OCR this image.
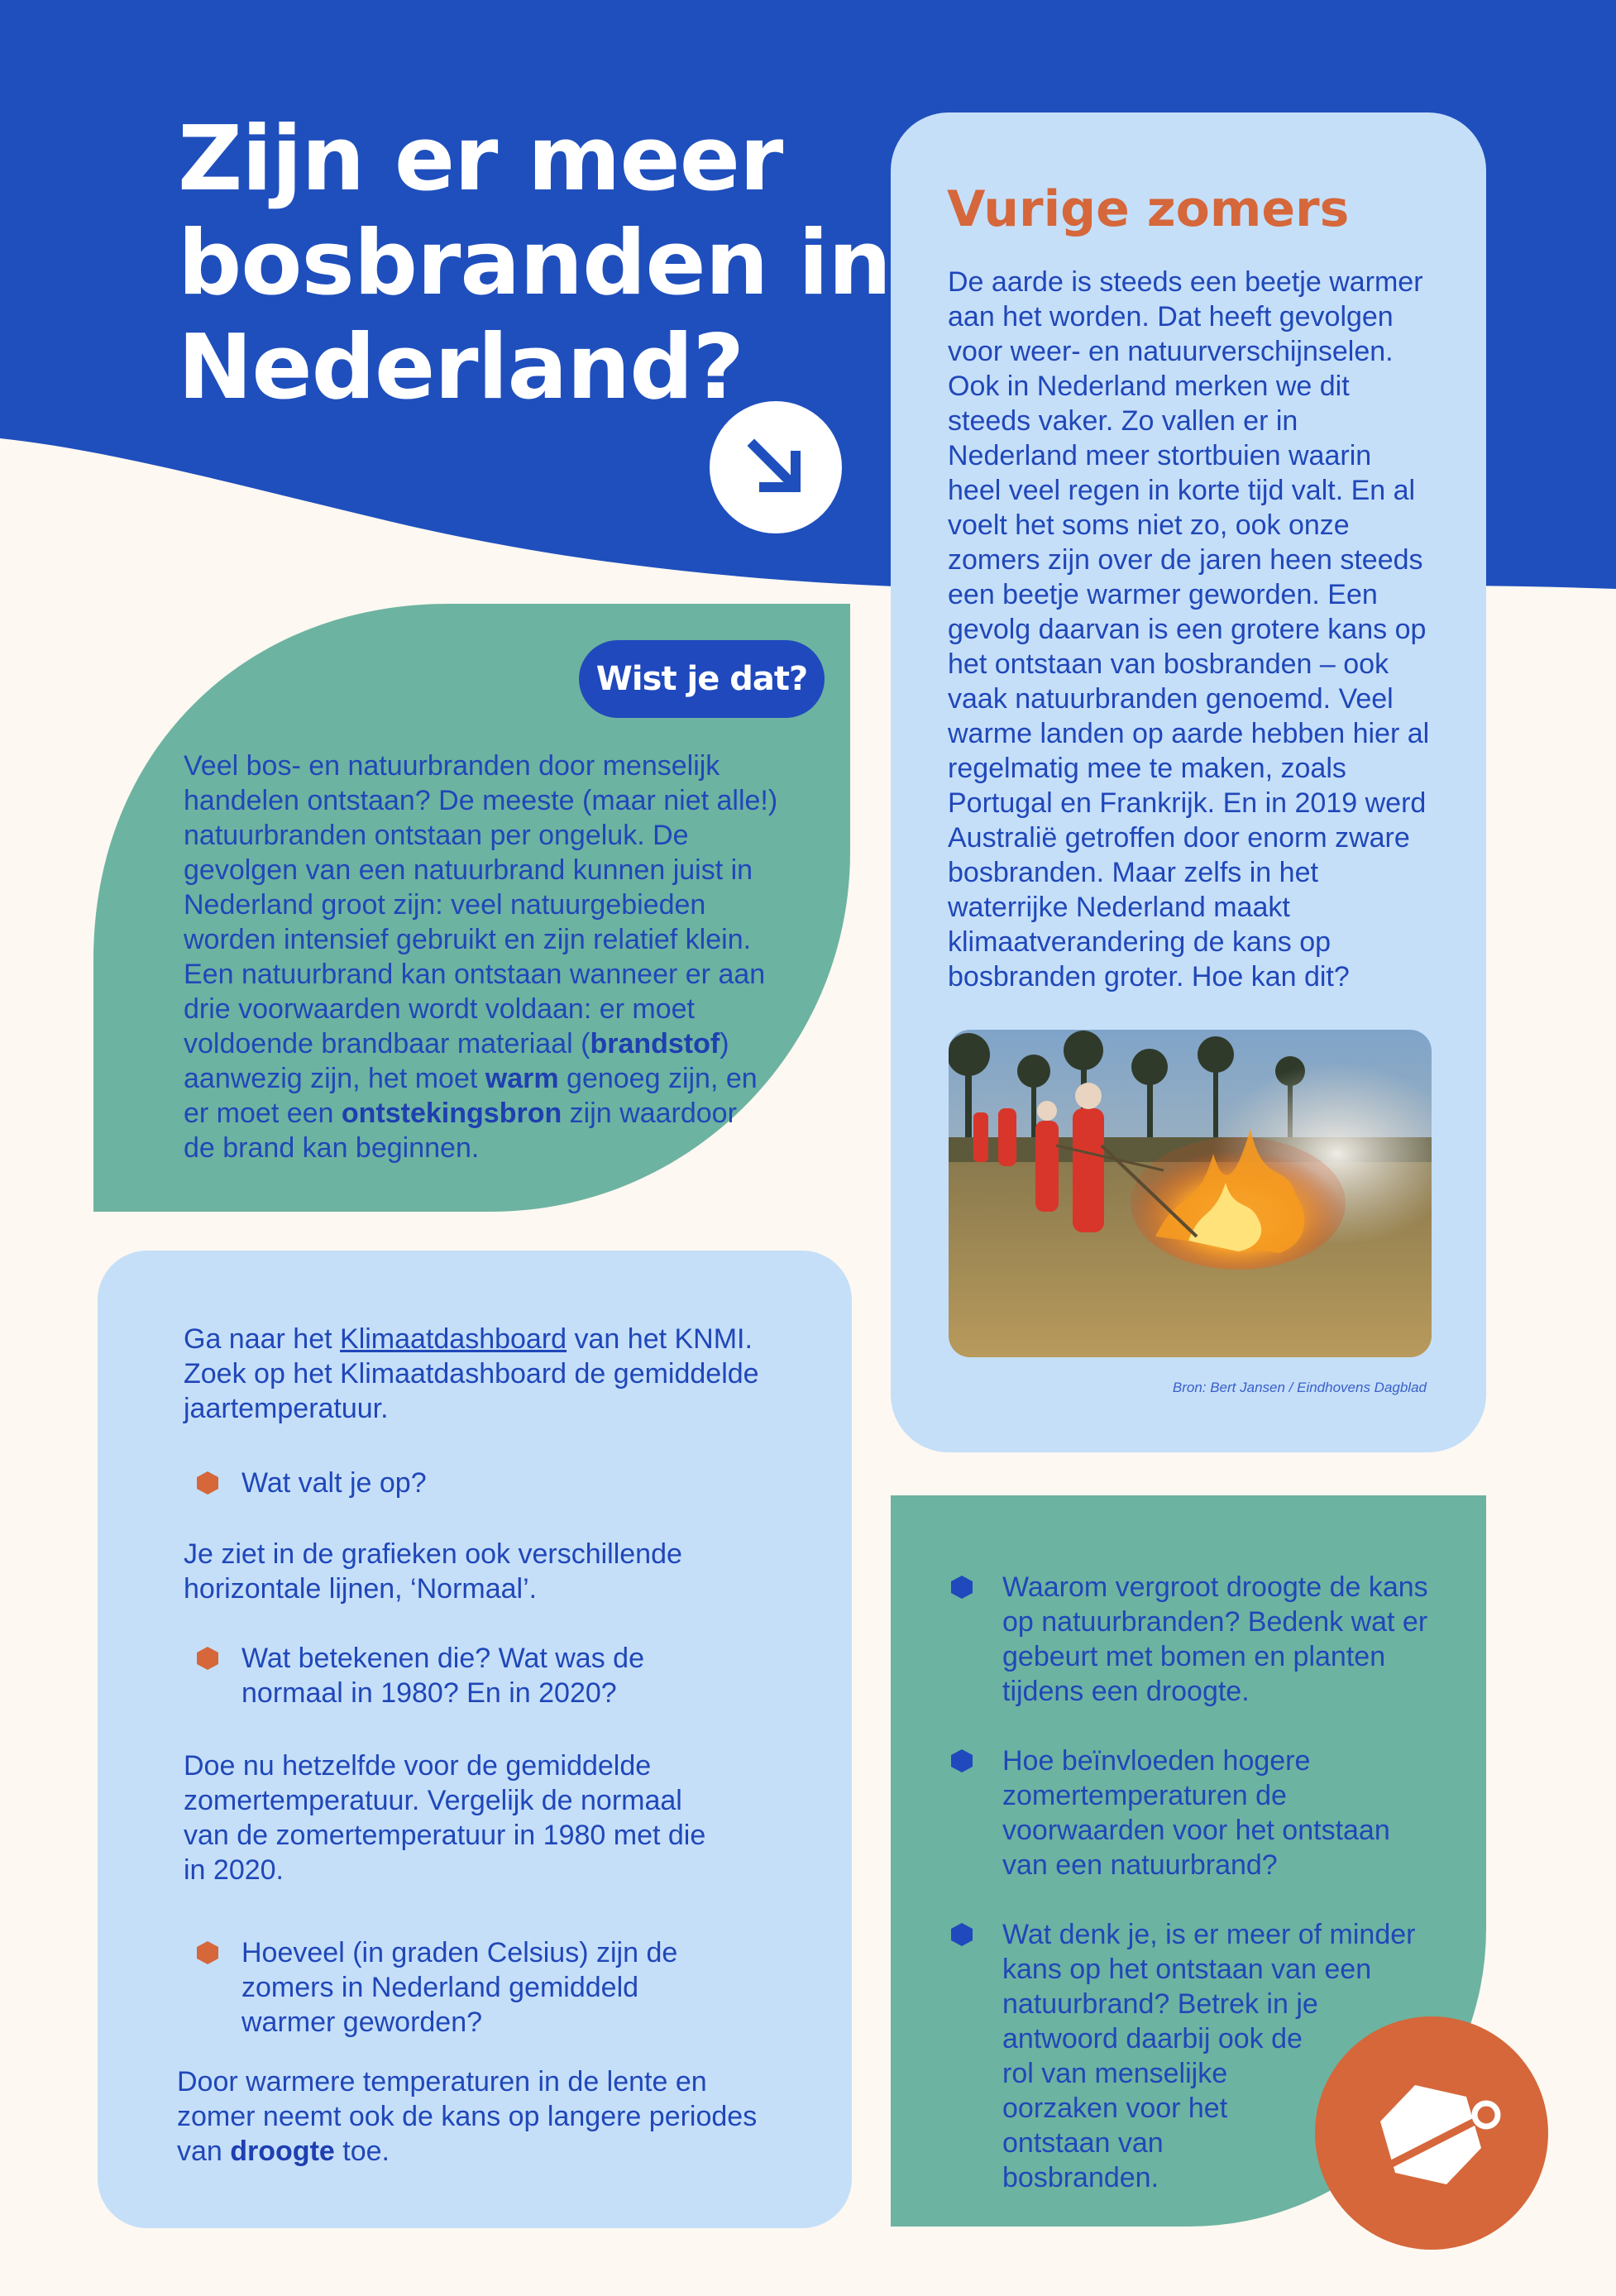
Zijn er meer
bosbranden in
Nederland?
Vurige zomers

De aarde is steeds een beetje warmer

aan het worden. Dat heeft gevolgen

voor weer- en natuurverschijnselen.

Ook in Nederland merken we dit

steeds vaker. Zo vallen er in

Nederland meer stortbuien waarin

heel veel regen in korte tijd valt. En al

voelt het soms niet zo, ook onze

zomers zijn over de jaren heen steeds

een beetje warmer geworden. Een

gevolg daarvan is een grotere kans op

het ontstaan van bosbranden – ook

vaak natuurbranden genoemd. Veel

warme landen op aarde hebben hier al

regelmatig mee te maken, zoals

Portugal en Frankrijk. En in 2019 werd

Australië getroffen door enorm zware

bosbranden. Maar zelfs in het

waterrijke Nederland maakt

klimaatverandering de kans op

bosbranden groter. Hoe kan dit?

Bron: Bert Jansen / Eindhovens Dagblad
Wist je dat?

Veel bos- en natuurbranden door menselijk

handelen ontstaan? De meeste (maar niet alle!)

natuurbranden ontstaan per ongeluk. De

gevolgen van een natuurbrand kunnen juist in

Nederland groot zijn: veel natuurgebieden

worden intensief gebruikt en zijn relatief klein.

Een natuurbrand kan ontstaan wanneer er aan

drie voorwaarden wordt voldaan: er moet

voldoende brandbaar materiaal (brandstof)

aanwezig zijn, het moet warm genoeg zijn, en

er moet een ontstekingsbron zijn waardoor

de brand kan beginnen.

Ga naar het Klimaatdashboard van het KNMI.

Zoek op het Klimaatdashboard de gemiddelde

jaartemperatuur.

Wat valt je op?

Je ziet in de grafieken ook verschillende

horizontale lijnen, ‘Normaal’.

Wat betekenen die? Wat was de

normaal in 1980? En in 2020?

Doe nu hetzelfde voor de gemiddelde

zomertemperatuur. Vergelijk de normaal

van de zomertemperatuur in 1980 met die

in 2020.

Hoeveel (in graden Celsius) zijn de

zomers in Nederland gemiddeld

warmer geworden?

Door warmere temperaturen in de lente en

zomer neemt ook de kans op langere periodes

van droogte toe.

Waarom vergroot droogte de kans

op natuurbranden? Bedenk wat er

gebeurt met bomen en planten

tijdens een droogte.

Hoe beïnvloeden hogere

zomertemperaturen de

voorwaarden voor het ontstaan

van een natuurbrand?

Wat denk je, is er meer of minder

kans op het ontstaan van een

natuurbrand? Betrek in je

antwoord daarbij ook de

rol van menselijke

oorzaken voor het

ontstaan van

bosbranden.
